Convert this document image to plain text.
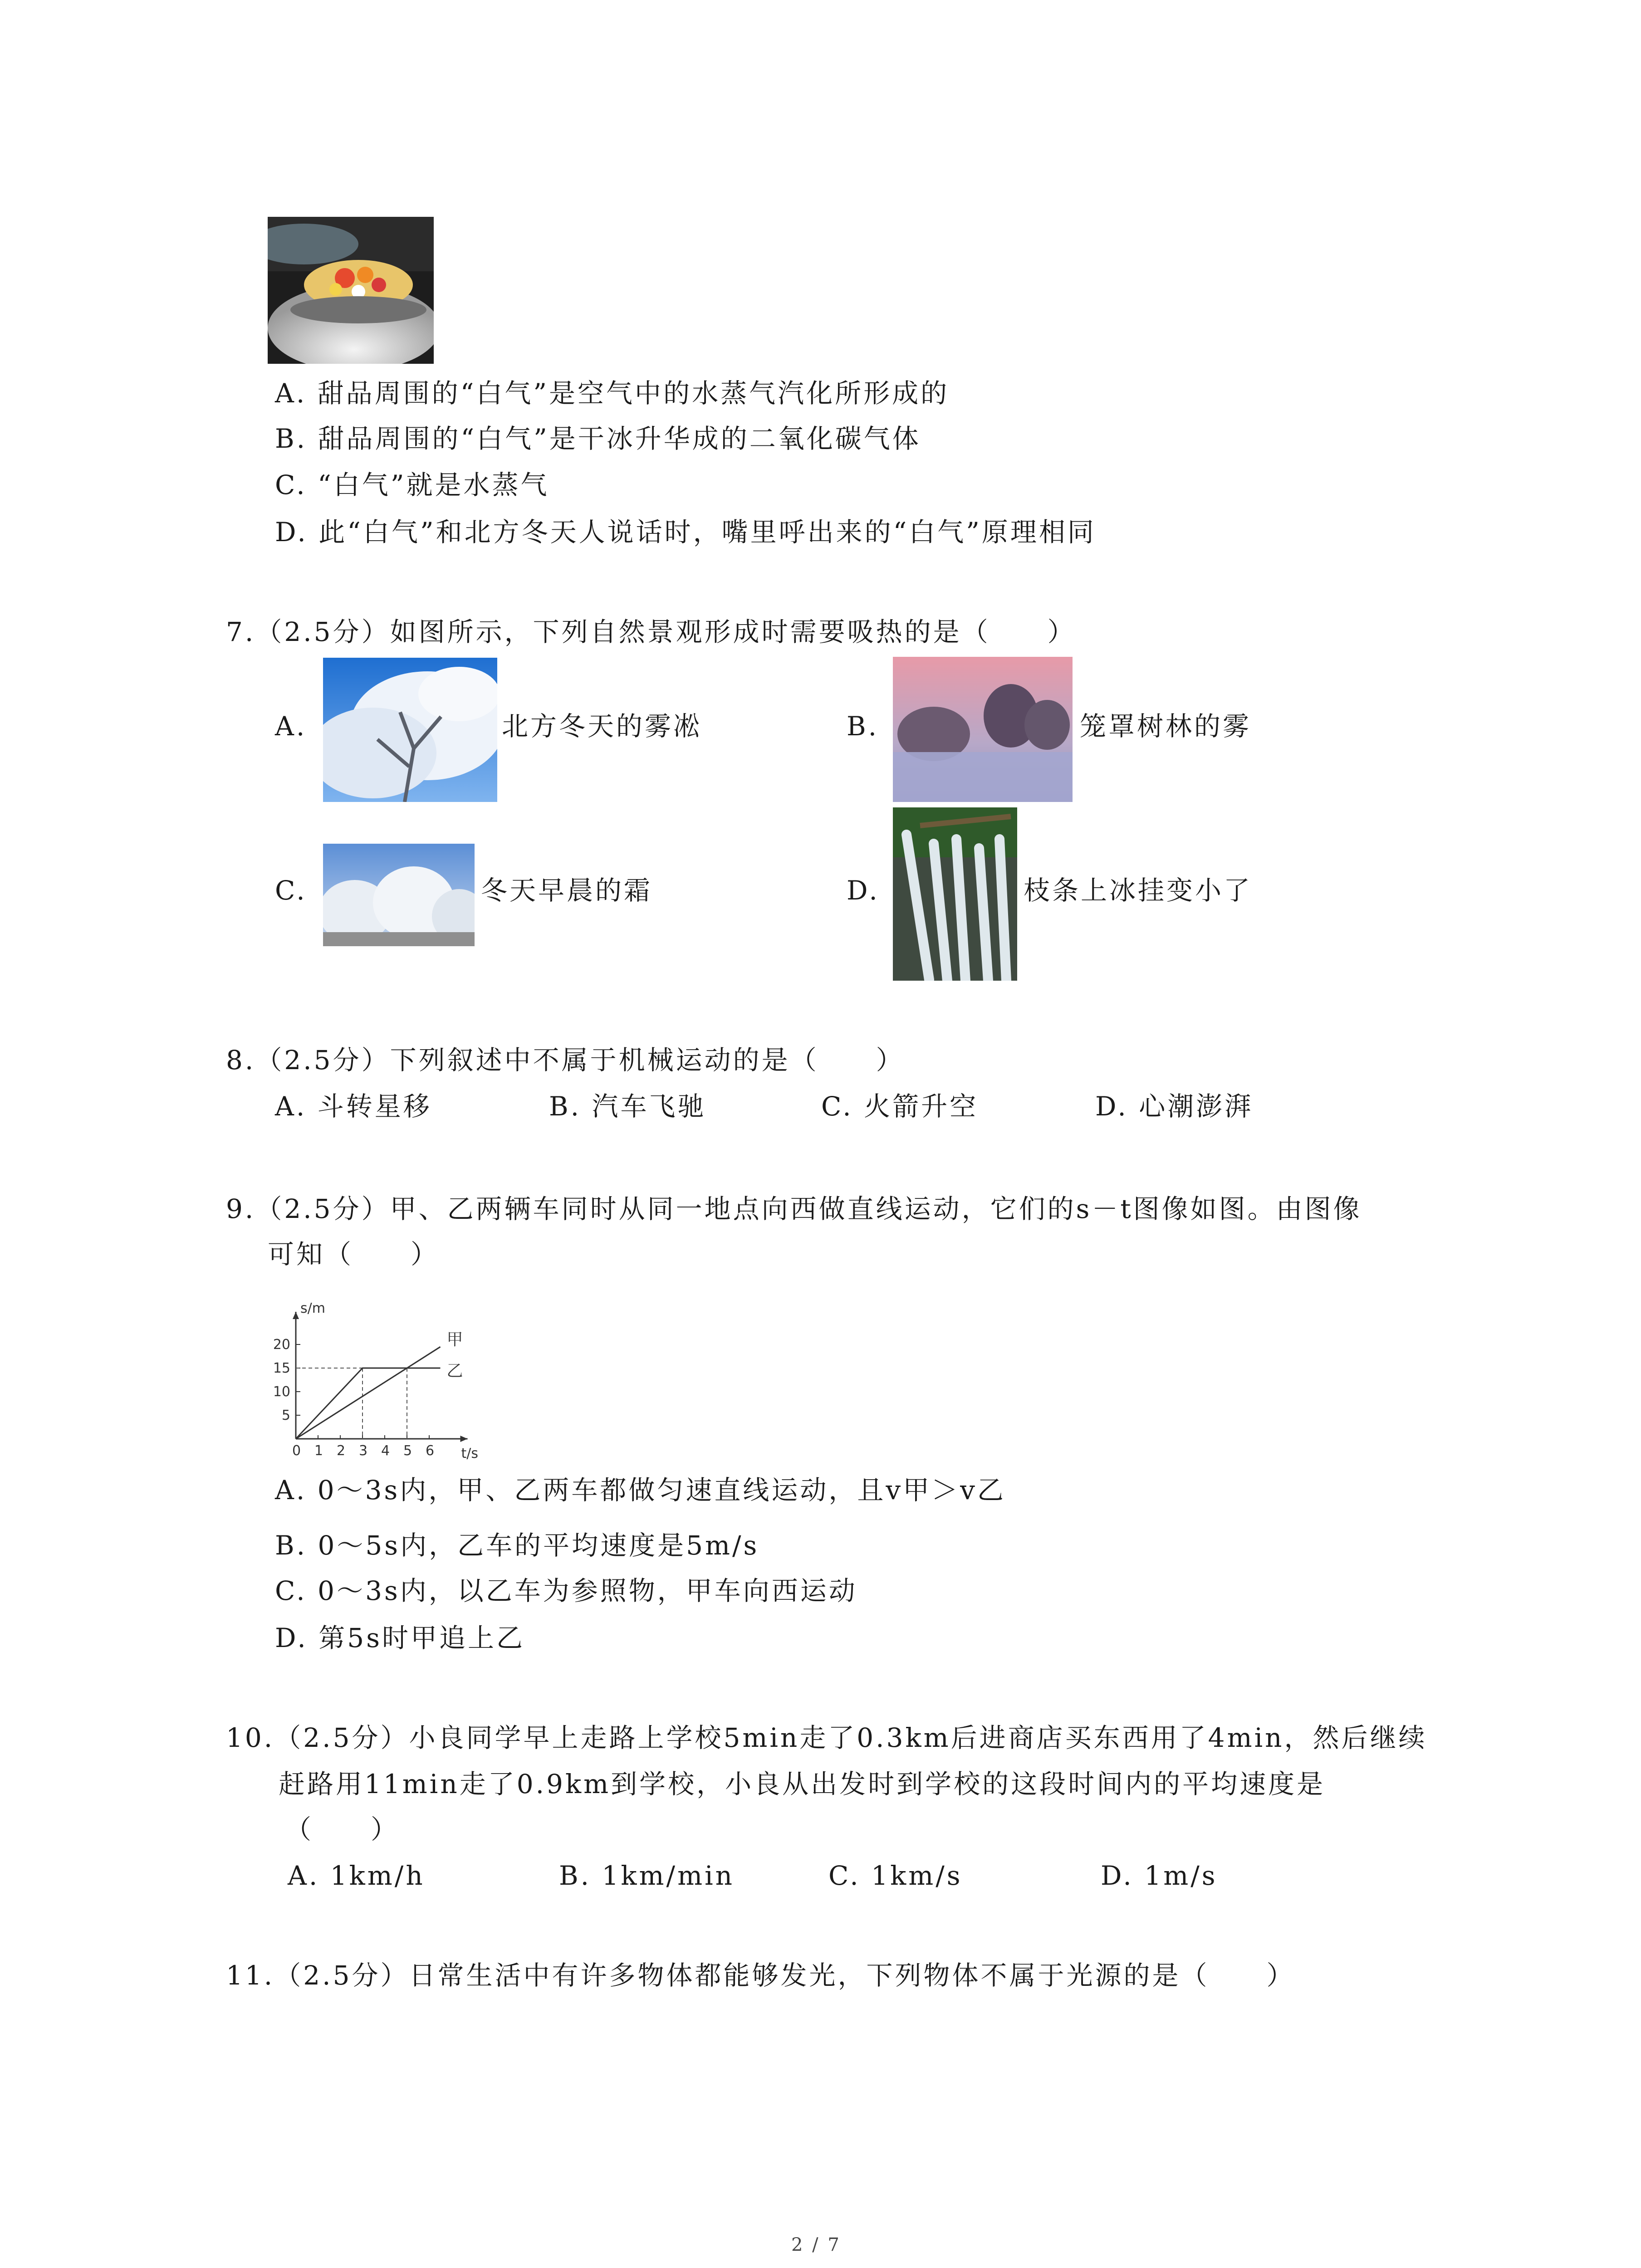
A. 甜品周围的“白气”是空气中的水蒸气汽化所形成的
B. 甜品周围的“白气”是干冰升华成的二氧化碳气体
C. “白气”就是水蒸气
D. 此“白气”和北方冬天人说话时，嘴里呼出来的“白气”原理相同
7.（2.5分）如图所示，下列自然景观形成时需要吸热的是（　　）
A.	北方冬天的雾凇	B.	笼罩树林的雾
C.	冬天早晨的霜	D.	枝条上冰挂变小了
8.（2.5分）下列叙述中不属于机械运动的是（　　）
A. 斗转星移	B. 汽车飞驰	C. 火箭升空	D. 心潮澎湃
9.（2.5分）甲、乙两辆车同时从同一地点向西做直线运动，它们的s－t图像如图。由图像
可知（　　）
s/m
t/s
0 1 2 3 4 5 6
5
10
15
20	甲
乙
A. 0～3s内，甲、乙两车都做匀速直线运动，且v甲＞v乙
B. 0～5s内，乙车的平均速度是5m/s
C. 0～3s内，以乙车为参照物，甲车向西运动
D. 第5s时甲追上乙
10.（2.5分）小良同学早上走路上学校5min走了0.3km后进商店买东西用了4min，然后继续
赶路用11min走了0.9km到学校，小良从出发时到学校的这段时间内的平均速度是
（　　）
A. 1km/h	B. 1km/min	C. 1km/s	D. 1m/s
11.（2.5分）日常生活中有许多物体都能够发光，下列物体不属于光源的是（　　）
2 / 7
